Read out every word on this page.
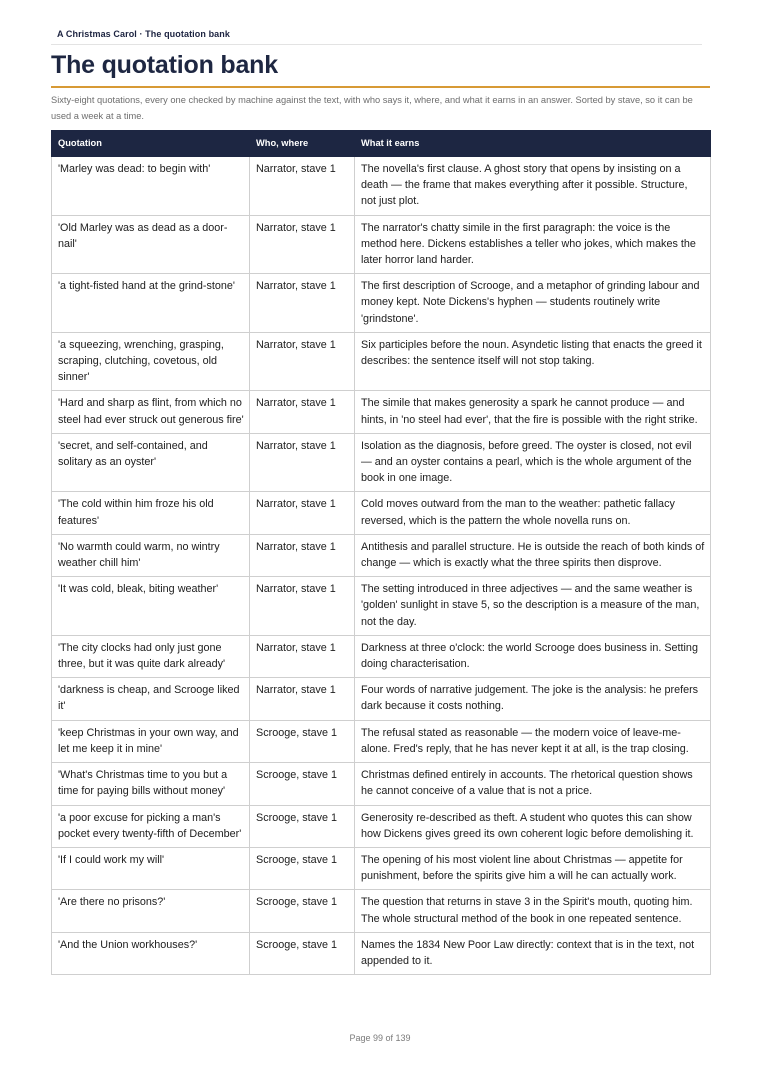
A Christmas Carol · The quotation bank
The quotation bank
Sixty-eight quotations, every one checked by machine against the text, with who says it, where, and what it earns in an answer. Sorted by stave, so it can be used a week at a time.
Quotation	Who, where	What it earns
'Marley was dead: to begin with'	Narrator, stave 1	The novella's first clause. A ghost story that opens by insisting on a death — the frame that makes everything after it possible. Structure, not just plot.
'Old Marley was as dead as a door-nail'	Narrator, stave 1	The narrator's chatty simile in the first paragraph: the voice is the method here. Dickens establishes a teller who jokes, which makes the later horror land harder.
'a tight-fisted hand at the grind-stone'	Narrator, stave 1	The first description of Scrooge, and a metaphor of grinding labour and money kept. Note Dickens's hyphen — students routinely write 'grindstone'.
'a squeezing, wrenching, grasping, scraping, clutching, covetous, old sinner'	Narrator, stave 1	Six participles before the noun. Asyndetic listing that enacts the greed it describes: the sentence itself will not stop taking.
'Hard and sharp as flint, from which no steel had ever struck out generous fire'	Narrator, stave 1	The simile that makes generosity a spark he cannot produce — and hints, in 'no steel had ever', that the fire is possible with the right strike.
'secret, and self-contained, and solitary as an oyster'	Narrator, stave 1	Isolation as the diagnosis, before greed. The oyster is closed, not evil — and an oyster contains a pearl, which is the whole argument of the book in one image.
'The cold within him froze his old features'	Narrator, stave 1	Cold moves outward from the man to the weather: pathetic fallacy reversed, which is the pattern the whole novella runs on.
'No warmth could warm, no wintry weather chill him'	Narrator, stave 1	Antithesis and parallel structure. He is outside the reach of both kinds of change — which is exactly what the three spirits then disprove.
'It was cold, bleak, biting weather'	Narrator, stave 1	The setting introduced in three adjectives — and the same weather is 'golden' sunlight in stave 5, so the description is a measure of the man, not the day.
'The city clocks had only just gone three, but it was quite dark already'	Narrator, stave 1	Darkness at three o'clock: the world Scrooge does business in. Setting doing characterisation.
'darkness is cheap, and Scrooge liked it'	Narrator, stave 1	Four words of narrative judgement. The joke is the analysis: he prefers dark because it costs nothing.
'keep Christmas in your own way, and let me keep it in mine'	Scrooge, stave 1	The refusal stated as reasonable — the modern voice of leave-me-alone. Fred's reply, that he has never kept it at all, is the trap closing.
'What's Christmas time to you but a time for paying bills without money'	Scrooge, stave 1	Christmas defined entirely in accounts. The rhetorical question shows he cannot conceive of a value that is not a price.
'a poor excuse for picking a man's pocket every twenty-fifth of December'	Scrooge, stave 1	Generosity re-described as theft. A student who quotes this can show how Dickens gives greed its own coherent logic before demolishing it.
'If I could work my will'	Scrooge, stave 1	The opening of his most violent line about Christmas — appetite for punishment, before the spirits give him a will he can actually work.
'Are there no prisons?'	Scrooge, stave 1	The question that returns in stave 3 in the Spirit's mouth, quoting him. The whole structural method of the book in one repeated sentence.
'And the Union workhouses?'	Scrooge, stave 1	Names the 1834 New Poor Law directly: context that is in the text, not appended to it.
Page 99 of 139
